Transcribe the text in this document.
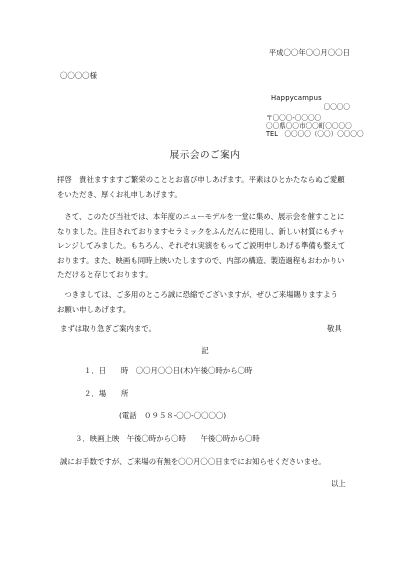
平成〇〇年〇〇月〇〇日
〇〇〇〇様
Happycampus
〇〇〇〇
〒〇〇〇-〇〇〇〇
〇〇県〇〇市〇〇町〇〇〇〇
TEL　〇〇〇〇（〇〇）〇〇〇〇
展示会のご案内
拝啓　貴社ますますご繁栄のこととお喜び申しあげます。平素はひとかたならぬご愛顧
をいただき、厚くお礼申しあげます。
　さて、このたび当社では、本年度のニューモデルを一堂に集め、展示会を催すことに
なりました。注目されておりますセラミックをふんだんに使用し、新しい材質にもチャ
レンジしてみました。もちろん、それぞれ実演をもってご説明申しあげる準備も整えて
おります。また、映画も同時上映いたしますので、内部の構造、製造過程もおわかりい
ただけると存じております。
　つきましては、ご多用のところ誠に恐縮でございますが、ぜひご来場賜りますよう
お願い申しあげます。
まずは取り急ぎご案内まで。	敬具
記
１．日　　時　〇〇月〇〇日(木)午後〇時から〇時
２．場　　所
(電話　０９５８-〇〇-〇〇〇〇)
３．映画上映　午後〇時から〇時　　午後〇時から〇時
誠にお手数ですが、ご来場の有無を〇〇月〇〇日までにお知らせくださいませ。
以上
